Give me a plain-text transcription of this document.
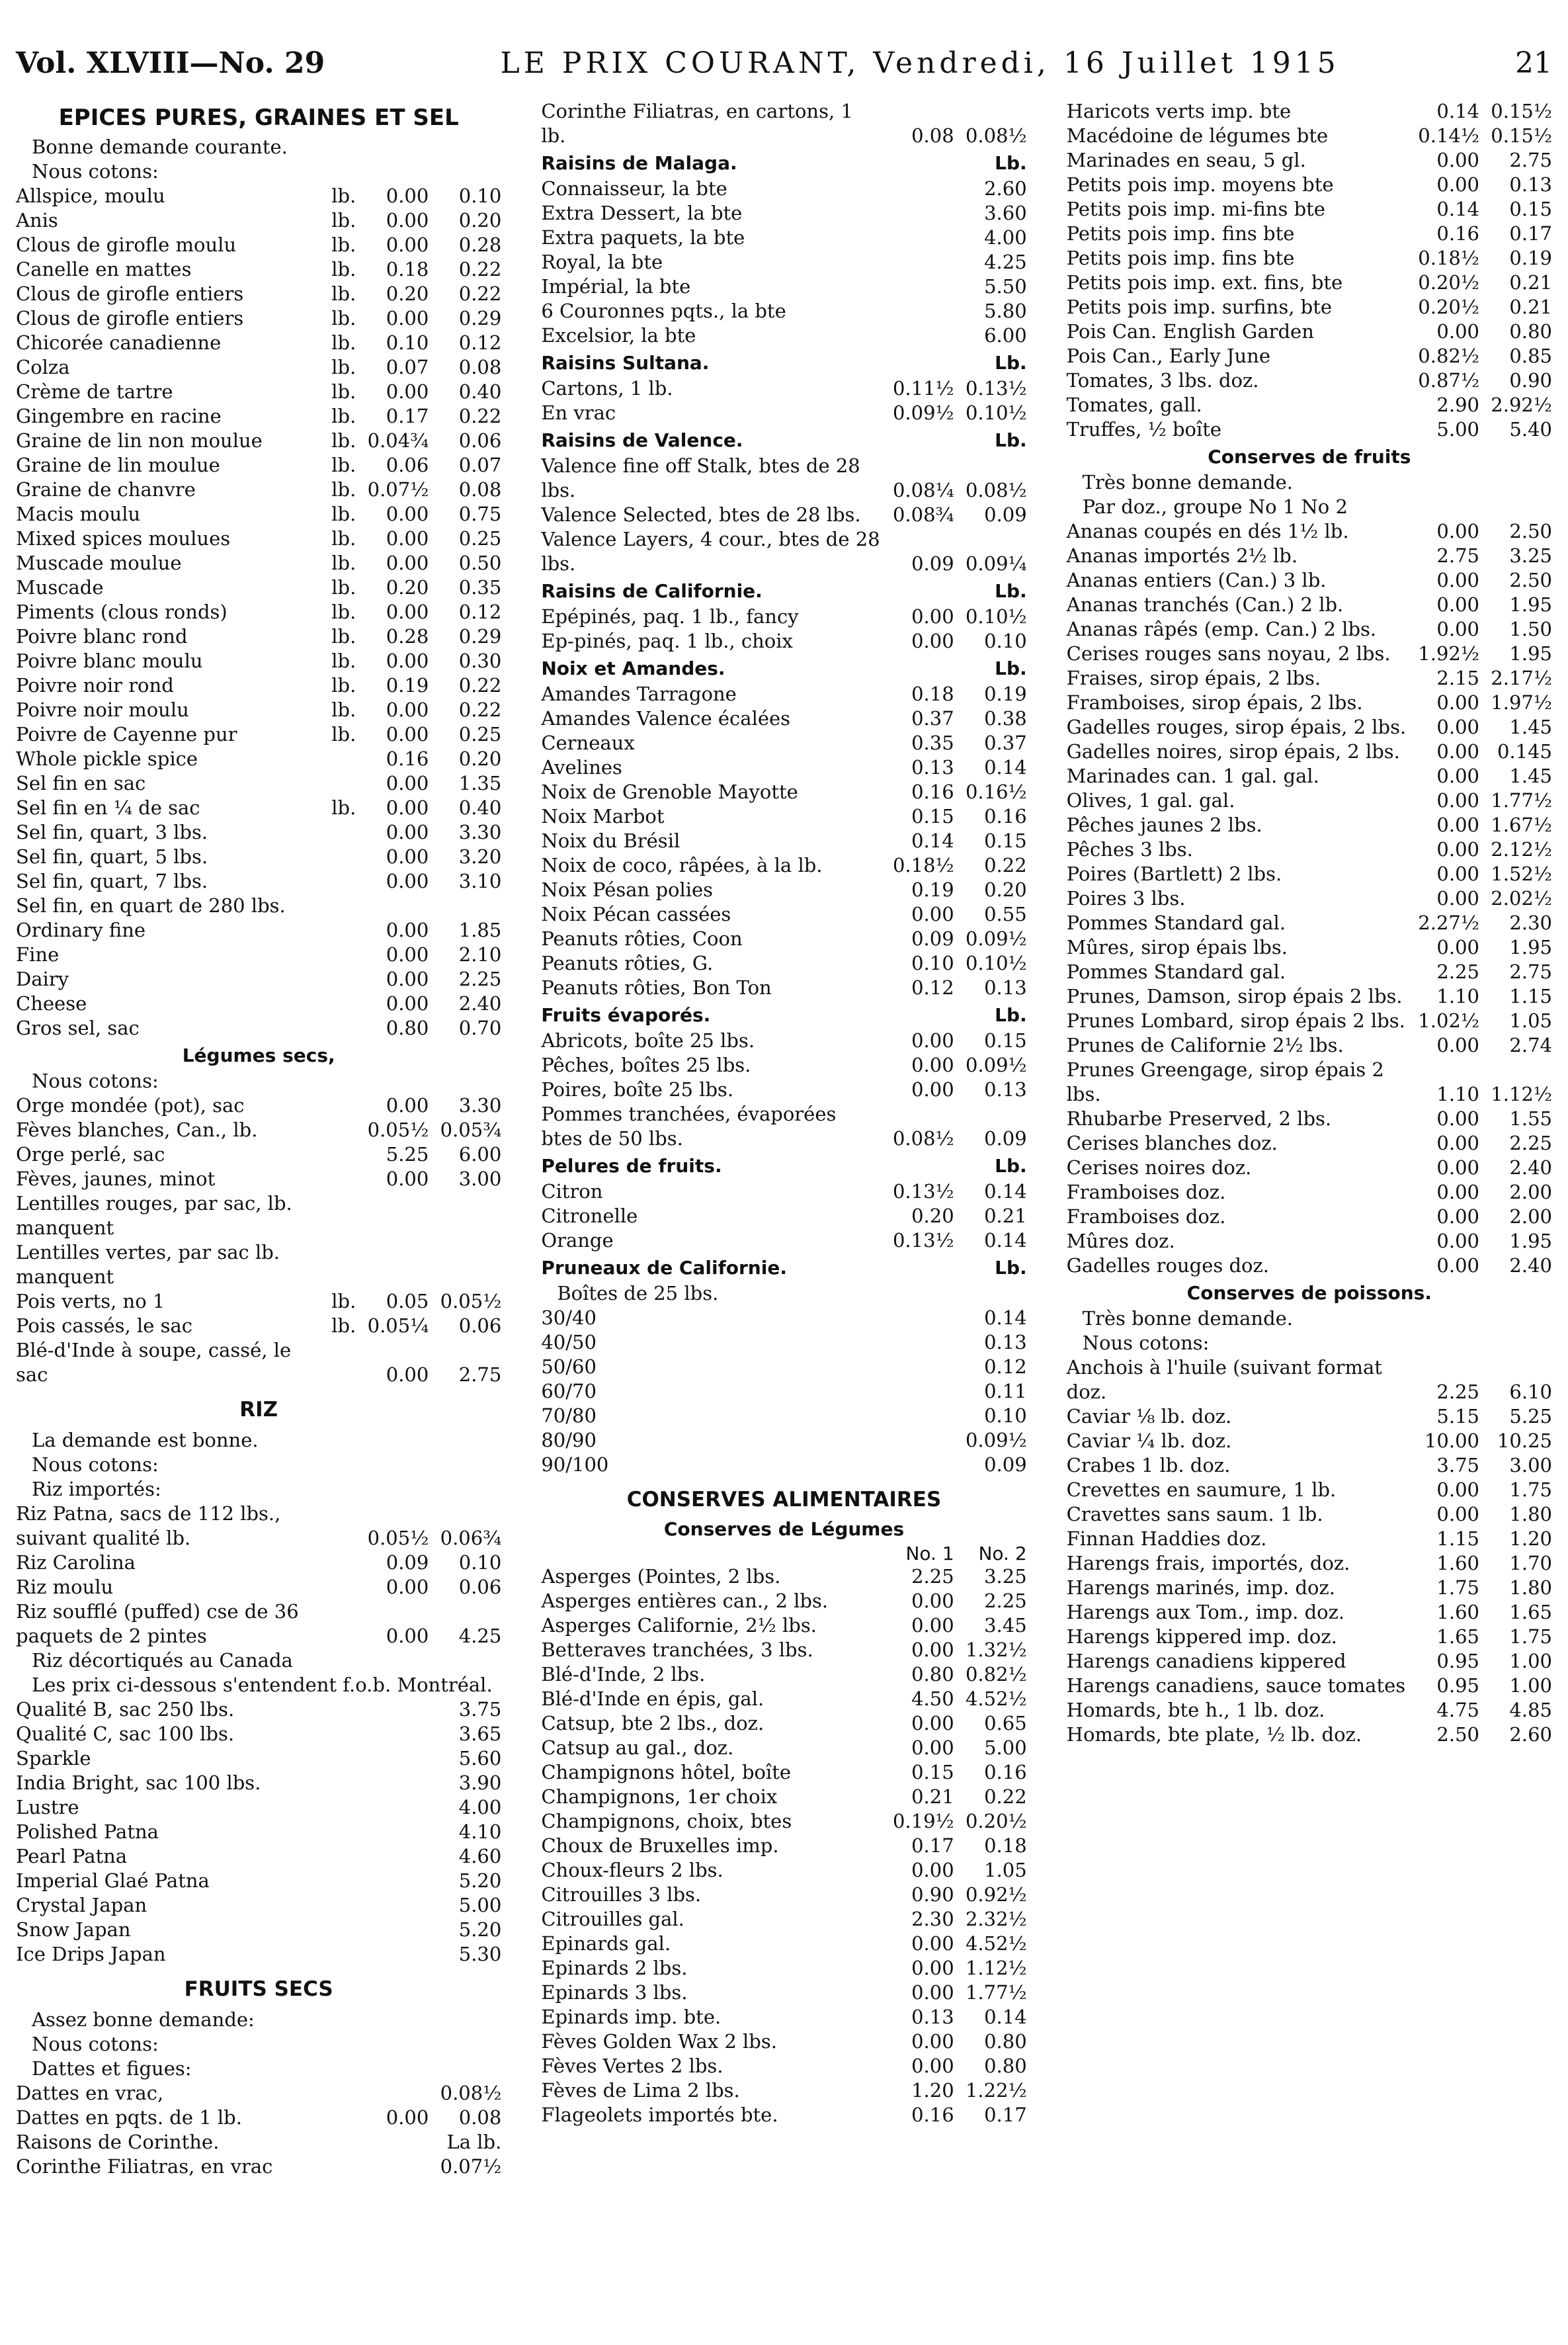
Vol. XLVIII—No. 29	LE PRIX COURANT, Vendredi, 16 Juillet 1915	21
EPICES PURES, GRAINES ET SEL
Bonne demande courante.
Nous cotons:
Allspice, moulu	lb.	0.00	0.10
Anis	lb.	0.00	0.20
Clous de girofle moulu	lb.	0.00	0.28
Canelle en mattes	lb.	0.18	0.22
Clous de girofle entiers	lb.	0.20	0.22
Clous de girofle entiers	lb.	0.00	0.29
Chicorée canadienne	lb.	0.10	0.12
Colza	lb.	0.07	0.08
Crème de tartre	lb.	0.00	0.40
Gingembre en racine	lb.	0.17	0.22
Graine de lin non moulue	lb. 0.04¾	0.06
Graine de lin moulue	lb.	0.06	0.07
Graine de chanvre	lb. 0.07½	0.08
Macis moulu	lb.	0.00	0.75
Mixed spices moulues	lb.	0.00	0.25
Muscade moulue	lb.	0.00	0.50
Muscade	lb.	0.20	0.35
Piments (clous ronds)	lb.	0.00	0.12
Poivre blanc rond	lb.	0.28	0.29
Poivre blanc moulu	lb.	0.00	0.30
Poivre noir rond	lb.	0.19	0.22
Poivre noir moulu	lb.	0.00	0.22
Poivre de Cayenne pur	lb.	0.00	0.25
Whole pickle spice	0.16	0.20
Sel fin en sac	0.00	1.35
Sel fin en ¼ de sac	lb.	0.00	0.40
Sel fin, quart, 3 lbs.	0.00	3.30
Sel fin, quart, 5 lbs.	0.00	3.20
Sel fin, quart, 7 lbs.	0.00	3.10
Sel fin, en quart de 280 lbs.
Ordinary fine	0.00	1.85
Fine	0.00	2.10
Dairy	0.00	2.25
Cheese	0.00	2.40
Gros sel, sac	0.80	0.70
Légumes secs,
Nous cotons:
Orge mondée (pot), sac	0.00	3.30
Fèves blanches, Can., lb.	0.05½ 0.05¾
Orge perlé, sac	5.25	6.00
Fèves, jaunes, minot	0.00	3.00
Lentilles rouges, par sac, lb. manquent
Lentilles vertes, par sac lb. manquent
Pois verts, no 1	lb.	0.05 0.05½
Pois cassés, le sac	lb. 0.05¼	0.06
Blé-d'Inde à soupe, cassé, le sac	0.00	2.75
RIZ
La demande est bonne.
Nous cotons:
Riz importés:
Riz Patna, sacs de 112 lbs., suivant qualité lb.	0.05½ 0.06¾
Riz Carolina	0.09	0.10
Riz moulu	0.00	0.06
Riz soufflé (puffed) cse de 36 paquets de 2 pintes	0.00	4.25
Riz décortiqués au Canada
Les prix ci-dessous s'entendent f.o.b. Montréal.
Qualité B, sac 250 lbs.	3.75
Qualité C, sac 100 lbs.	3.65
Sparkle	5.60
India Bright, sac 100 lbs.	3.90
Lustre	4.00
Polished Patna	4.10
Pearl Patna	4.60
Imperial Glaé Patna	5.20
Crystal Japan	5.00
Snow Japan	5.20
Ice Drips Japan	5.30
FRUITS SECS
Assez bonne demande:
Nous cotons:
Dattes et figues:
Dattes en vrac,	0.08½
Dattes en pqts. de 1 lb.	0.00	0.08
Raisons de Corinthe.	La lb.
Corinthe Filiatras, en vrac	0.07½
Corinthe Filiatras, en cartons, 1 lb.	0.08 0.08½
Raisins de Malaga.	Lb.
Connaisseur, la bte	2.60
Extra Dessert, la bte	3.60
Extra paquets, la bte	4.00
Royal, la bte	4.25
Impérial, la bte	5.50
6 Couronnes pqts., la bte	5.80
Excelsior, la bte	6.00
Raisins Sultana.	Lb.
Cartons, 1 lb.	0.11½ 0.13½
En vrac	0.09½ 0.10½
Raisins de Valence.	Lb.
Valence fine off Stalk, btes de 28 lbs.	0.08¼ 0.08½
Valence Selected, btes de 28 lbs.	0.08¾	0.09
Valence Layers, 4 cour., btes de 28 lbs.	0.09 0.09¼
Raisins de Californie.	Lb.
Epépinés, paq. 1 lb., fancy	0.00 0.10½
Ep-pinés, paq. 1 lb., choix	0.00	0.10
Noix et Amandes.	Lb.
Amandes Tarragone	0.18	0.19
Amandes Valence écalées	0.37	0.38
Cerneaux	0.35	0.37
Avelines	0.13	0.14
Noix de Grenoble Mayotte	0.16 0.16½
Noix Marbot	0.15	0.16
Noix du Brésil	0.14	0.15
Noix de coco, râpées, à la lb.	0.18½	0.22
Noix Pésan polies	0.19	0.20
Noix Pécan cassées	0.00	0.55
Peanuts rôties, Coon	0.09 0.09½
Peanuts rôties, G.	0.10 0.10½
Peanuts rôties, Bon Ton	0.12	0.13
Fruits évaporés.	Lb.
Abricots, boîte 25 lbs.	0.00	0.15
Pêches, boîtes 25 lbs.	0.00 0.09½
Poires, boîte 25 lbs.	0.00	0.13
Pommes tranchées, évaporées btes de 50 lbs.	0.08½	0.09
Pelures de fruits.	Lb.
Citron	0.13½	0.14
Citronelle	0.20	0.21
Orange	0.13½	0.14
Pruneaux de Californie.	Lb.
Boîtes de 25 lbs.
30/40	0.14
40/50	0.13
50/60	0.12
60/70	0.11
70/80	0.10
80/90	0.09½
90/100	0.09
CONSERVES ALIMENTAIRES
Conserves de Légumes
No. 1	No. 2
Asperges (Pointes, 2 lbs.	2.25	3.25
Asperges entières can., 2 lbs.	0.00	2.25
Asperges Californie, 2½ lbs.	0.00	3.45
Betteraves tranchées, 3 lbs.	0.00 1.32½
Blé-d'Inde, 2 lbs.	0.80 0.82½
Blé-d'Inde en épis, gal.	4.50 4.52½
Catsup, bte 2 lbs., doz.	0.00	0.65
Catsup au gal., doz.	0.00	5.00
Champignons hôtel, boîte	0.15	0.16
Champignons, 1er choix	0.21	0.22
Champignons, choix, btes	0.19½ 0.20½
Choux de Bruxelles imp.	0.17	0.18
Choux-fleurs 2 lbs.	0.00	1.05
Citrouilles 3 lbs.	0.90 0.92½
Citrouilles gal.	2.30 2.32½
Epinards gal.	0.00 4.52½
Epinards 2 lbs.	0.00 1.12½
Epinards 3 lbs.	0.00 1.77½
Epinards imp. bte.	0.13	0.14
Fèves Golden Wax 2 lbs.	0.00	0.80
Fèves Vertes 2 lbs.	0.00	0.80
Fèves de Lima 2 lbs.	1.20 1.22½
Flageolets importés bte.	0.16	0.17
Haricots verts imp. bte	0.14 0.15½
Macédoine de légumes bte	0.14½ 0.15½
Marinades en seau, 5 gl.	0.00	2.75
Petits pois imp. moyens bte	0.00	0.13
Petits pois imp. mi-fins bte	0.14	0.15
Petits pois imp. fins bte	0.16	0.17
Petits pois imp. fins bte	0.18½	0.19
Petits pois imp. ext. fins, bte	0.20½	0.21
Petits pois imp. surfins, bte	0.20½	0.21
Pois Can. English Garden	0.00	0.80
Pois Can., Early June	0.82½	0.85
Tomates, 3 lbs. doz.	0.87½	0.90
Tomates, gall.	2.90 2.92½
Truffes, ½ boîte	5.00	5.40
Conserves de fruits
Très bonne demande.
Par doz., groupe No 1 No 2
Ananas coupés en dés 1½ lb.	0.00	2.50
Ananas importés 2½ lb.	2.75	3.25
Ananas entiers (Can.) 3 lb.	0.00	2.50
Ananas tranchés (Can.) 2 lb.	0.00	1.95
Ananas râpés (emp. Can.) 2 lbs.	0.00	1.50
Cerises rouges sans noyau, 2 lbs.	1.92½	1.95
Fraises, sirop épais, 2 lbs.	2.15 2.17½
Framboises, sirop épais, 2 lbs.	0.00 1.97½
Gadelles rouges, sirop épais, 2 lbs.	0.00	1.45
Gadelles noires, sirop épais, 2 lbs.	0.00 0.145
Marinades can. 1 gal. gal.	0.00	1.45
Olives, 1 gal. gal.	0.00 1.77½
Pêches jaunes 2 lbs.	0.00 1.67½
Pêches 3 lbs.	0.00 2.12½
Poires (Bartlett) 2 lbs.	0.00 1.52½
Poires 3 lbs.	0.00 2.02½
Pommes Standard gal.	2.27½	2.30
Mûres, sirop épais lbs.	0.00	1.95
Pommes Standard gal.	2.25	2.75
Prunes, Damson, sirop épais 2 lbs.	1.10	1.15
Prunes Lombard, sirop épais 2 lbs. 1.02½	1.05
Prunes de Californie 2½ lbs.	0.00	2.74
Prunes Greengage, sirop épais 2 lbs.	1.10 1.12½
Rhubarbe Preserved, 2 lbs.	0.00	1.55
Cerises blanches doz.	0.00	2.25
Cerises noires doz.	0.00	2.40
Framboises doz.	0.00	2.00
Framboises doz.	0.00	2.00
Mûres doz.	0.00	1.95
Gadelles rouges doz.	0.00	2.40
Conserves de poissons.
Très bonne demande.
Nous cotons:
Anchois à l'huile (suivant format doz.	2.25	6.10
Caviar ⅛ lb. doz.	5.15	5.25
Caviar ¼ lb. doz.	10.00 10.25
Crabes 1 lb. doz.	3.75	3.00
Crevettes en saumure, 1 lb.	0.00	1.75
Cravettes sans saum. 1 lb.	0.00	1.80
Finnan Haddies doz.	1.15	1.20
Harengs frais, importés, doz.	1.60	1.70
Harengs marinés, imp. doz.	1.75	1.80
Harengs aux Tom., imp. doz.	1.60	1.65
Harengs kippered imp. doz.	1.65	1.75
Harengs canadiens kippered	0.95	1.00
Harengs canadiens, sauce tomates	0.95	1.00
Homards, bte h., 1 lb. doz.	4.75	4.85
Homards, bte plate, ½ lb. doz.	2.50	2.60
